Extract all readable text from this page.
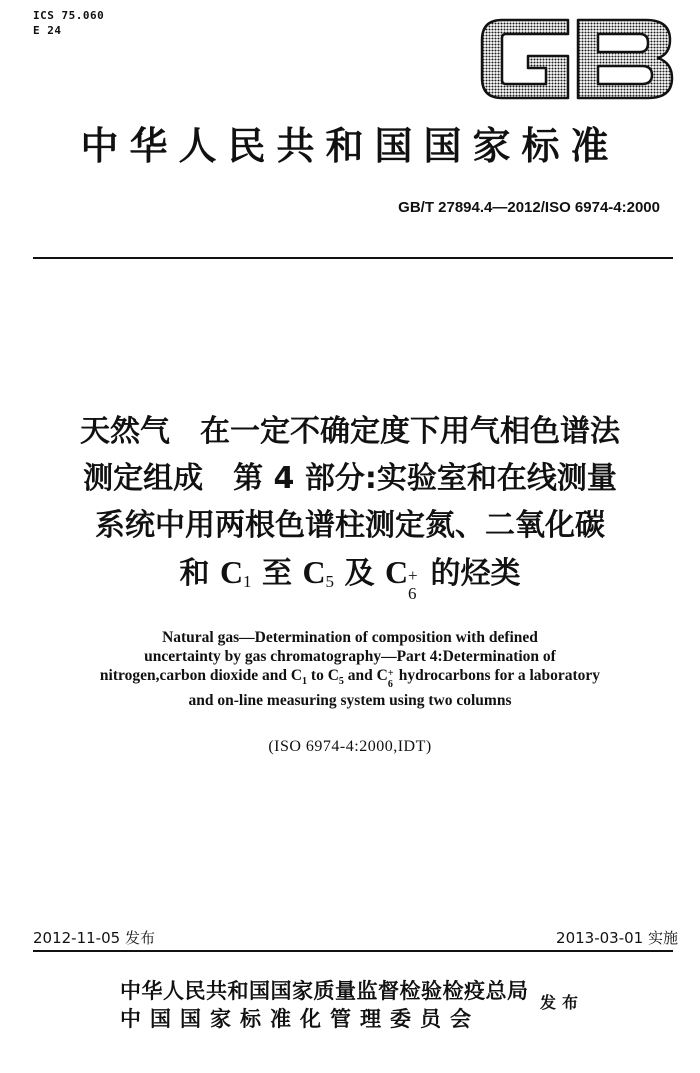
ICS 75.060
E 24
中华人民共和国国家标准
GB/T 27894.4—2012/ISO 6974-4:2000
天然气　在一定不确定度下用气相色谱法
测定组成　第 4 部分:实验室和在线测量
系统中用两根色谱柱测定氮、二氧化碳
和 $C_1$ 至 $C_5$ 及 C +
6
的烃类
Natural gas—Determination of composition with defined
uncertainty by gas chromatography—Part 4:Determination of
nitrogen,carbon dioxide and $C_1$ to $C_5$ and C +
6
hydrocarbons for a laboratory
and on-line measuring system using two columns
(ISO 6974-4:2000,IDT)
2012-11-05 发布	2013-03-01 实施
中华人民共和国国家质量监督检验检疫总局
中国国家标准化管理委员会
发布
